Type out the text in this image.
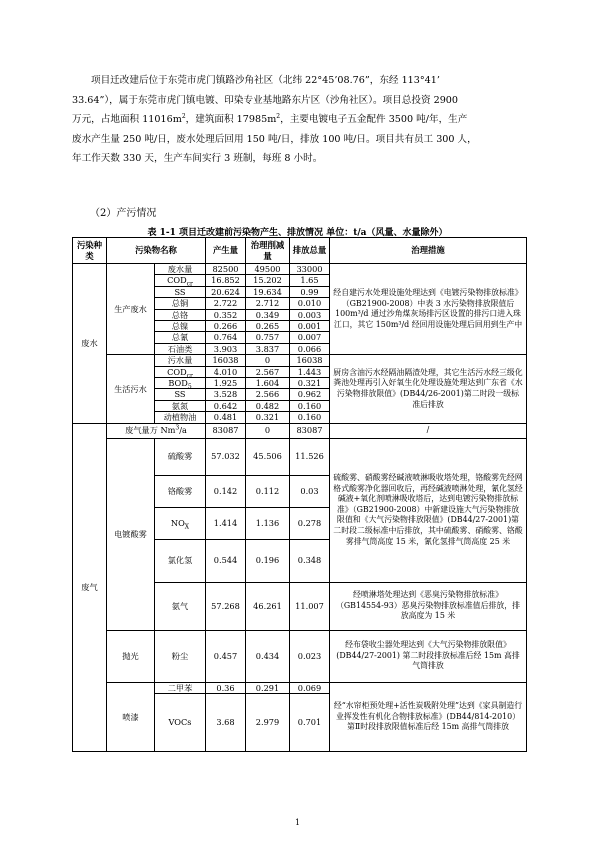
项目迁改建后位于东莞市虎门镇路沙角社区（北纬 22°45’08.76”，东经 113°41’

33.64”），属于东莞市虎门镇电镀、印染专业基地路东片区（沙角社区）。项目总投资 2900
万元，占地面积 $11016m^2$，建筑面积 $17985m^2$，主要电镀电子五金配件 3500 吨/年，生产
废水产生量 250 吨/日，废水处理后回用 150 吨/日，排放 100 吨/日。项目共有员工 300 人，
年工作天数 330 天，生产车间实行 3 班制，每班 8 小时。
（2）产污情况
表 1-1 项目迁改建前污染物产生、排放情况 单位：t/a（风量、水量除外）
污染种类	污染物名称		产生量	治理削减量	排放总量	治理措施
废水	生产废水	废水量	82500	49500	33000	经自建污水处理设施处理达到《电镀污染物排放标准》（GB21900-2008）中表 3 水污染物排放限值后 100m³/d 通过沙角煤灰场排污区设置的排污口进入珠江口，其它 150m³/d 经回用设施处理后回用到生产中
		$COD_{cr}$	16.852	15.202	1.65	
		SS	20.624	19.634	0.99	
		总铜	2.722	2.712	0.010	
		总铬	0.352	0.349	0.003	
		总镍	0.266	0.265	0.001	
		总氰	0.764	0.757	0.007	
		石油类	3.903	3.837	0.066	
	生活污水	污水量	16038	0	16038	厨房含油污水经隔油隔渣处理，其它生活污水经三级化粪池处理再引入好氧生化处理设施处理达到广东省《水污染物排放限值》(DB44/26-2001)第二时段一级标准后排放
		$COD_{cr}$	4.010	2.567	1.443	
		$BOD_5$	1.925	1.604	0.321	
		SS	3.528	2.566	0.962	
		氨氮	0.642	0.482	0.160	
		动植物油	0.481	0.321	0.160	
废气	废气量万 Nm$^3$/a		83087	0	83087	/
	电镀酸雾	硫酸雾	57.032	45.506	11.526	硫酸雾、硝酸雾经碱液喷淋吸收塔处理，铬酸雾先经网格式酸雾净化器回收后，再经碱液喷淋处理，氰化氢经碱液+氧化剂喷淋吸收塔后，达到电镀污染物排放标准》（GB21900-2008）中新建设施大气污染物排放限值和《大气污染物排放限值》(DB44/27-2001)第二时段二级标准中后排放，其中硫酸雾、硝酸雾、铬酸雾排气筒高度 15 米，氰化氢排气筒高度 25 米
		铬酸雾	0.142	0.112	0.03	
		$NO_X$	1.414	1.136	0.278	
		氯化氢	0.544	0.196	0.348	
		氨气	57.268	46.261	11.007	经喷淋塔处理达到《恶臭污染物排放标准》（GB14554-93）恶臭污染物排放标准值后排放，排放高度为 15 米
	抛光	粉尘	0.457	0.434	0.023	经布袋收尘器处理达到《大气污染物排放限值》(DB44/27-2001) 第二时段排放标准后经 15m 高排气筒排放
	喷漆	二甲苯	0.36	0.291	0.069	经“水帘柜预处理+活性炭吸附处理”达到《家具制造行业挥发性有机化合物排放标准》(DB44/814-2010）第Ⅱ时段排放限值标准后经 15m 高排气筒排放
		VOCs	3.68	2.979	0.701	
1
